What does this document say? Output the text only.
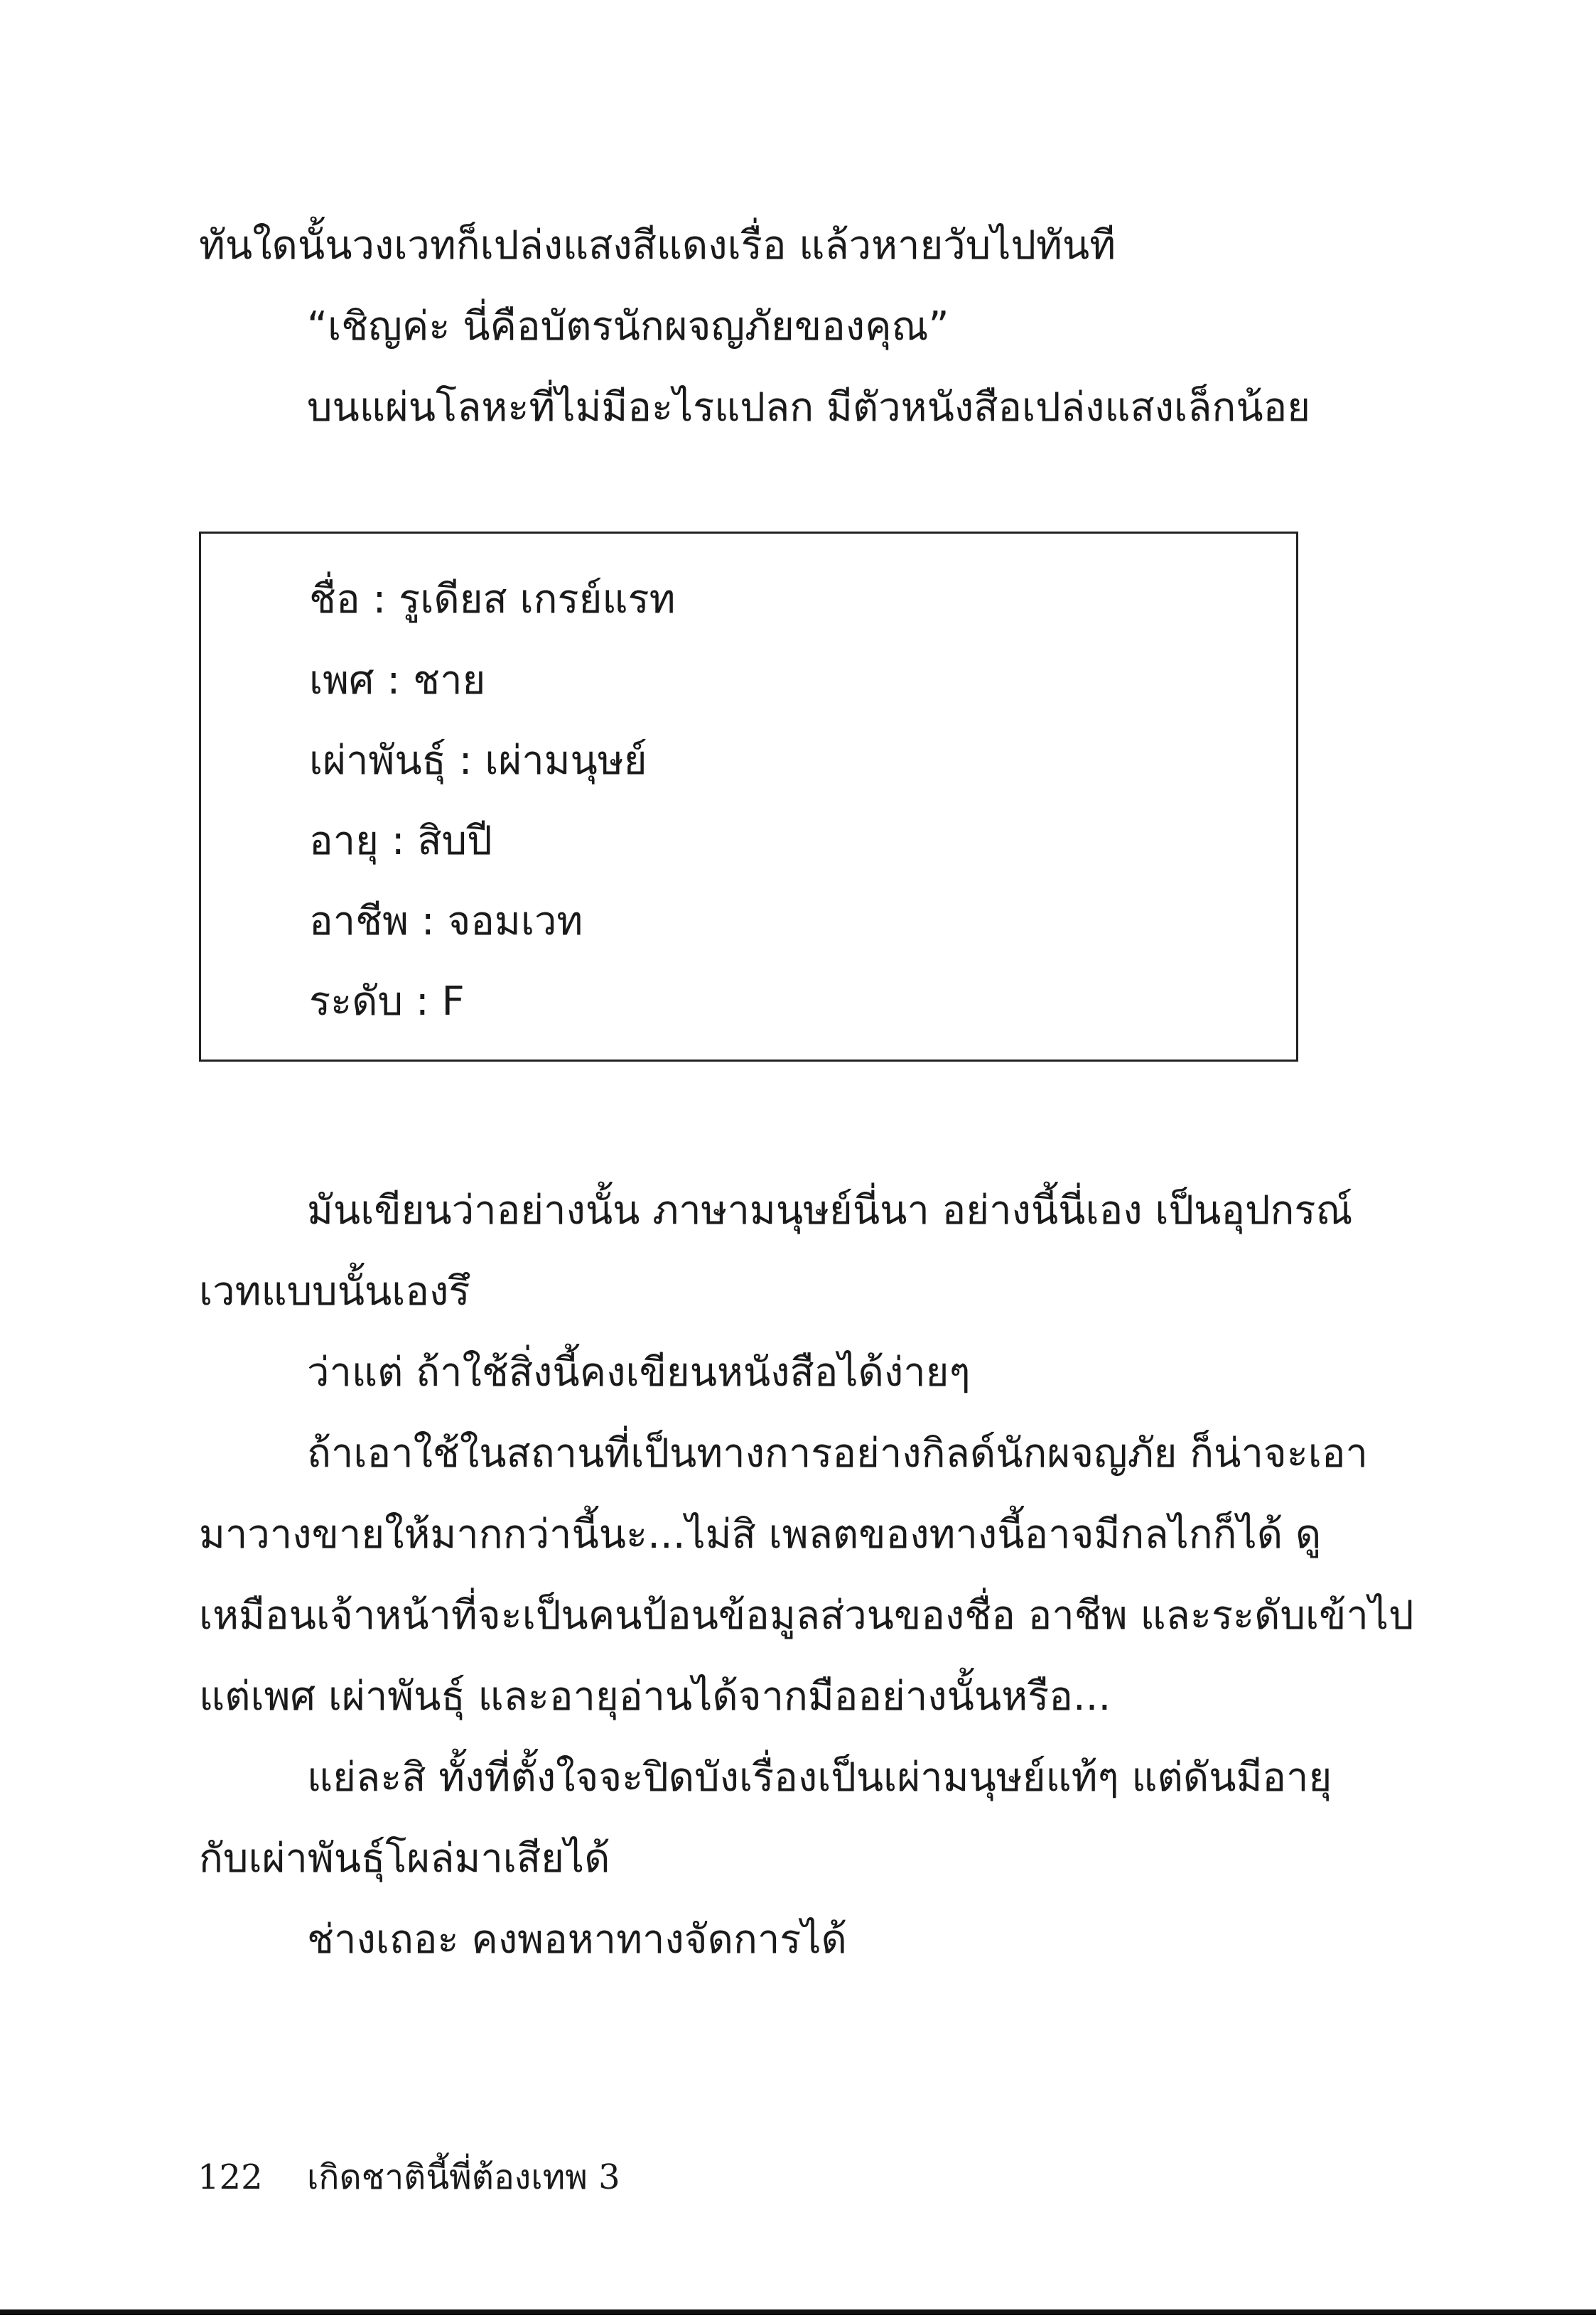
ทันใดนั้นวงเวทก็เปล่งแสงสีแดงเรื่อ แล้วหายวับไปทันที
“เชิญค่ะ นี่คือบัตรนักผจญภัยของคุณ”
บนแผ่นโลหะที่ไม่มีอะไรแปลก มีตัวหนังสือเปล่งแสงเล็กน้อย
ชื่อ : รูเดียส เกรย์แรท
เพศ : ชาย
เผ่าพันธุ์ : เผ่ามนุษย์
อายุ : สิบปี
อาชีพ : จอมเวท
ระดับ : F
มันเขียนว่าอย่างนั้น ภาษามนุษย์นี่นา อย่างนี้นี่เอง เป็นอุปกรณ์
เวทแบบนั้นเองรึ
ว่าแต่ ถ้าใช้สิ่งนี้คงเขียนหนังสือได้ง่ายๆ
ถ้าเอาใช้ในสถานที่เป็นทางการอย่างกิลด์นักผจญภัย ก็น่าจะเอา
มาวางขายให้มากกว่านี้นะ...ไม่สิ เพลตของทางนี้อาจมีกลไกก็ได้ ดู
เหมือนเจ้าหน้าที่จะเป็นคนป้อนข้อมูลส่วนของชื่อ อาชีพ และระดับเข้าไป
แต่เพศ เผ่าพันธุ์ และอายุอ่านได้จากมืออย่างนั้นหรือ...
แย่ละสิ ทั้งที่ตั้งใจจะปิดบังเรื่องเป็นเผ่ามนุษย์แท้ๆ แต่ดันมีอายุ
กับเผ่าพันธุ์โผล่มาเสียได้
ช่างเถอะ คงพอหาทางจัดการได้
122 เกิดชาตินี้พี่ต้องเทพ 3
